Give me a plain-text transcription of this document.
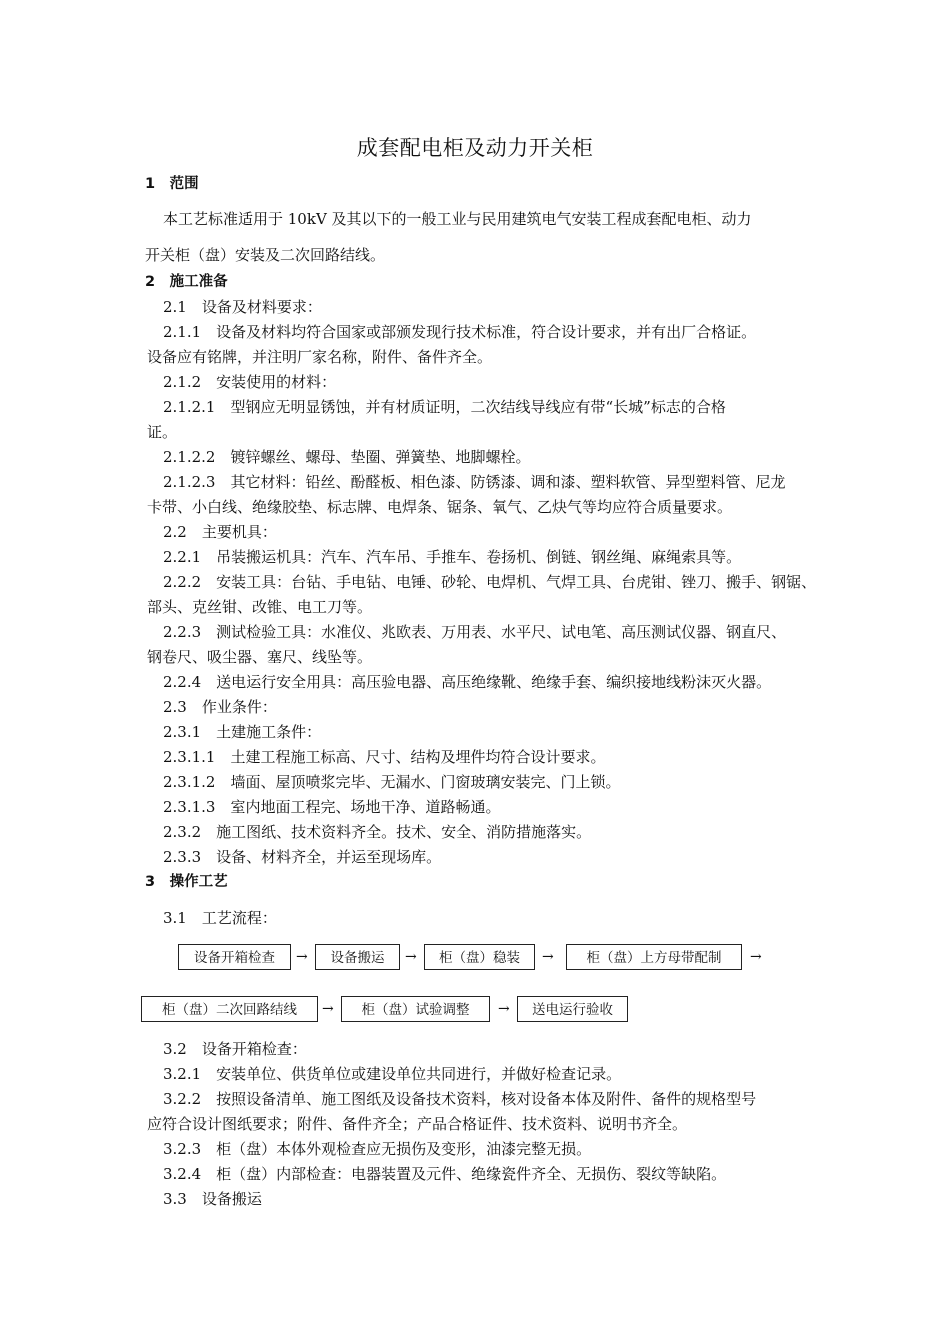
成套配电柜及动力开关柜
1　范围
本工艺标准适用于 10kV 及其以下的一般工业与民用建筑电气安装工程成套配电柜、动力
开关柜（盘）安装及二次回路结线。
2　施工准备
2.1　设备及材料要求：
2.1.1　设备及材料均符合国家或部颁发现行技术标准，符合设计要求，并有出厂合格证。
设备应有铭牌，并注明厂家名称，附件、备件齐全。
2.1.2　安装使用的材料：
2.1.2.1　型钢应无明显锈蚀，并有材质证明，二次结线导线应有带“长城”标志的合格
证。
2.1.2.2　镀锌螺丝、螺母、垫圈、弹簧垫、地脚螺栓。
2.1.2.3　其它材料：铅丝、酚醛板、相色漆、防锈漆、调和漆、塑料软管、异型塑料管、尼龙
卡带、小白线、绝缘胶垫、标志牌、电焊条、锯条、氧气、乙炔气等均应符合质量要求。
2.2　主要机具：
2.2.1　吊装搬运机具：汽车、汽车吊、手推车、卷扬机、倒链、钢丝绳、麻绳索具等。
2.2.2　安装工具：台钻、手电钻、电锤、砂轮、电焊机、气焊工具、台虎钳、锉刀、搬手、钢锯、
部头、克丝钳、改锥、电工刀等。
2.2.3　测试检验工具：水准仪、兆欧表、万用表、水平尺、试电笔、高压测试仪器、钢直尺、
钢卷尺、吸尘器、塞尺、线坠等。
2.2.4　送电运行安全用具：高压验电器、高压绝缘靴、绝缘手套、编织接地线粉沫灭火器。
2.3　作业条件：
2.3.1　土建施工条件：
2.3.1.1　土建工程施工标高、尺寸、结构及埋件均符合设计要求。
2.3.1.2　墙面、屋顶喷浆完毕、无漏水、门窗玻璃安装完、门上锁。
2.3.1.3　室内地面工程完、场地干净、道路畅通。
2.3.2　施工图纸、技术资料齐全。技术、安全、消防措施落实。
2.3.3　设备、材料齐全，并运至现场库。
3　操作工艺
3.1　工艺流程：
设备开箱检查	→	设备搬运	→	柜（盘）稳装	→	柜（盘）上方母带配制	→
柜（盘）二次回路结线	→	柜（盘）试验调整	→	送电运行验收
3.2　设备开箱检查：
3.2.1　安装单位、供货单位或建设单位共同进行，并做好检查记录。
3.2.2　按照设备清单、施工图纸及设备技术资料，核对设备本体及附件、备件的规格型号
应符合设计图纸要求；附件、备件齐全；产品合格证件、技术资料、说明书齐全。
3.2.3　柜（盘）本体外观检查应无损伤及变形，油漆完整无损。
3.2.4　柜（盘）内部检查：电器装置及元件、绝缘瓷件齐全、无损伤、裂纹等缺陷。
3.3　设备搬运
